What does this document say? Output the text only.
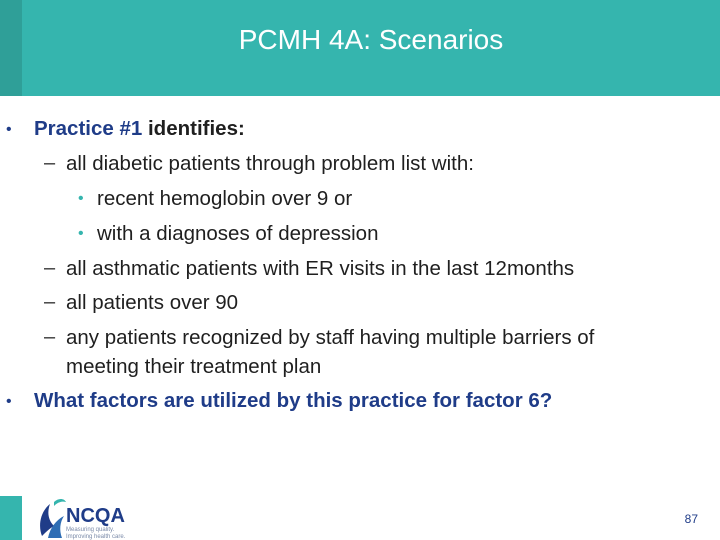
PCMH 4A: Scenarios
• Practice #1 identifies:
– all diabetic patients through problem list with:
• recent hemoglobin over 9 or
• with a diagnoses of depression
– all asthmatic patients with ER visits in the last 12months
– all patients over 90
– any patients recognized by staff having multiple barriers of
meeting their treatment plan
• What factors are utilized by this practice for factor 6?
NCQA
Measuring quality.
Improving health care.
87
